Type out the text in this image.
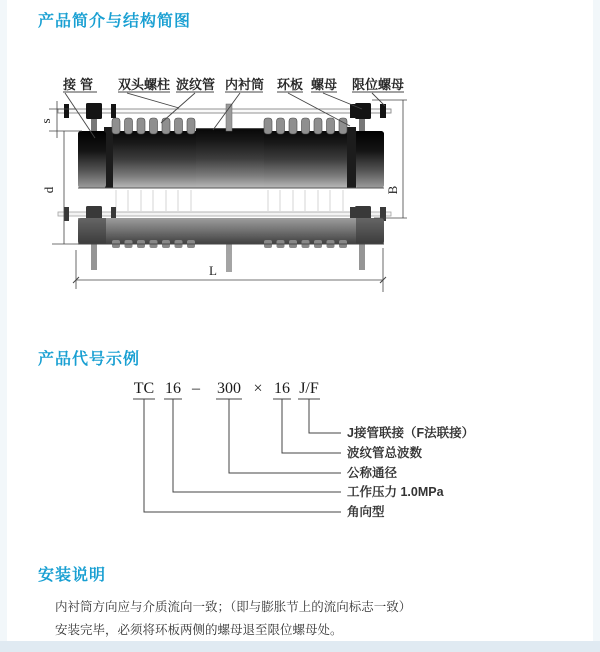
产品简介与结构简图
s
d	B
L
接管 双头螺柱 波纹管 内衬筒 环板 螺母 限位螺母
产品代号示例
TC 16 – 300 × 16 J/F
J接管联接（F法联接）
波纹管总波数
公称通径
工作压力 1.0MPa
角向型
安装说明

内衬筒方向应与介质流向一致；（即与膨胀节上的流向标志一致）

安装完毕，必须将环板两侧的螺母退至限位螺母处。
